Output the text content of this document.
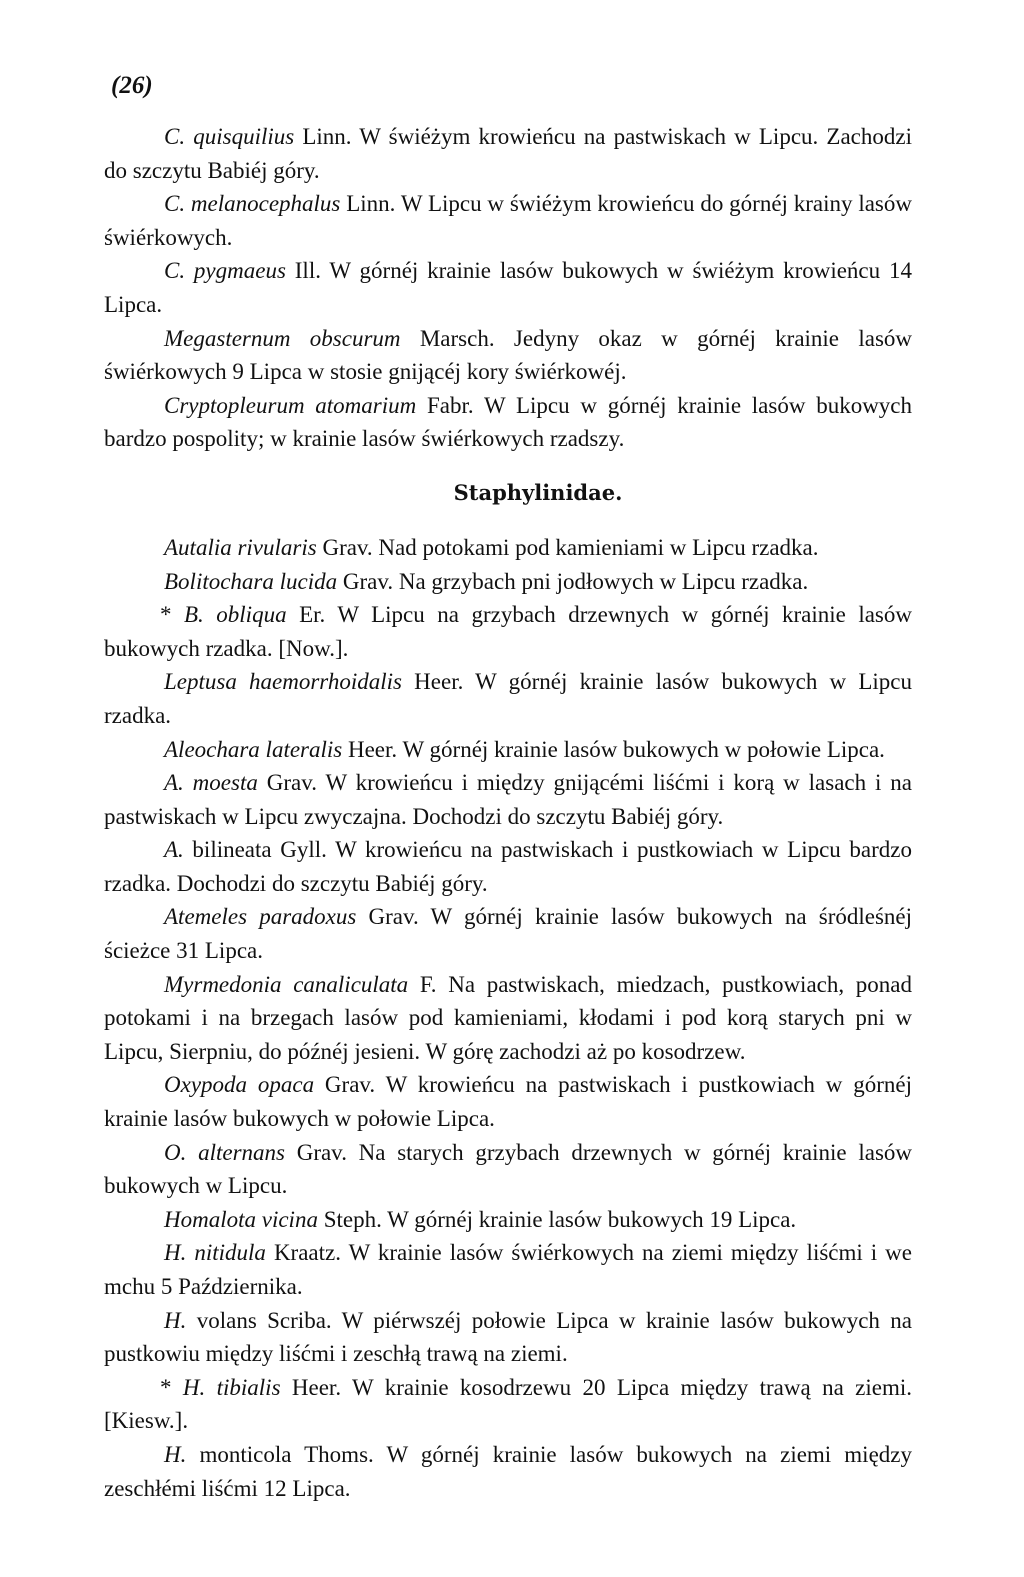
(26)

C. quisquilius Linn. W świéżym krowieńcu na pastwiskach w Lipcu. Zachodzi do szczytu Babiéj góry.

C. melanocephalus Linn. W Lipcu w świéżym krowieńcu do górnéj krainy lasów świérkowych.

C. pygmaeus Ill. W górnéj krainie lasów bukowych w świéżym krowieńcu 14 Lipca.

Megasternum obscurum Marsch. Jedyny okaz w górnéj krainie lasów świérkowych 9 Lipca w stosie gnijącéj kory świérkowéj.

Cryptopleurum atomarium Fabr. W Lipcu w górnéj krainie lasów bukowych bardzo pospolity; w krainie lasów świérkowych rzadszy.

Staphylinidae.

Autalia rivularis Grav. Nad potokami pod kamieniami w Lipcu rzadka.

Bolitochara lucida Grav. Na grzybach pni jodłowych w Lipcu rzadka.

* B. obliqua Er. W Lipcu na grzybach drzewnych w górnéj krainie lasów bukowych rzadka. [Now.].

Leptusa haemorrhoidalis Heer. W górnéj krainie lasów bukowych w Lipcu rzadka.

Aleochara lateralis Heer. W górnéj krainie lasów bukowych w połowie Lipca.

A. moesta Grav. W krowieńcu i między gnijącémi liśćmi i korą w lasach i na pastwiskach w Lipcu zwyczajna. Dochodzi do szczytu Babiéj góry.

A. bilineata Gyll. W krowieńcu na pastwiskach i pustkowiach w Lipcu bardzo rzadka. Dochodzi do szczytu Babiéj góry.

Atemeles paradoxus Grav. W górnéj krainie lasów bukowych na śródleśnéj ścieżce 31 Lipca.

Myrmedonia canaliculata F. Na pastwiskach, miedzach, pustkowiach, ponad potokami i na brzegach lasów pod kamieniami, kłodami i pod korą starych pni w Lipcu, Sierpniu, do późnéj jesieni. W górę zachodzi aż po kosodrzew.

Oxypoda opaca Grav. W krowieńcu na pastwiskach i pustkowiach w górnéj krainie lasów bukowych w połowie Lipca.

O. alternans Grav. Na starych grzybach drzewnych w górnéj krainie lasów bukowych w Lipcu.

Homalota vicina Steph. W górnéj krainie lasów bukowych 19 Lipca.

H. nitidula Kraatz. W krainie lasów świérkowych na ziemi między liśćmi i we mchu 5 Października.

H. volans Scriba. W piérwszéj połowie Lipca w krainie lasów bukowych na pustkowiu między liśćmi i zeschłą trawą na ziemi.

* H. tibialis Heer. W krainie kosodrzewu 20 Lipca między trawą na ziemi. [Kiesw.].

H. monticola Thoms. W górnéj krainie lasów bukowych na ziemi między zeschłémi liśćmi 12 Lipca.
